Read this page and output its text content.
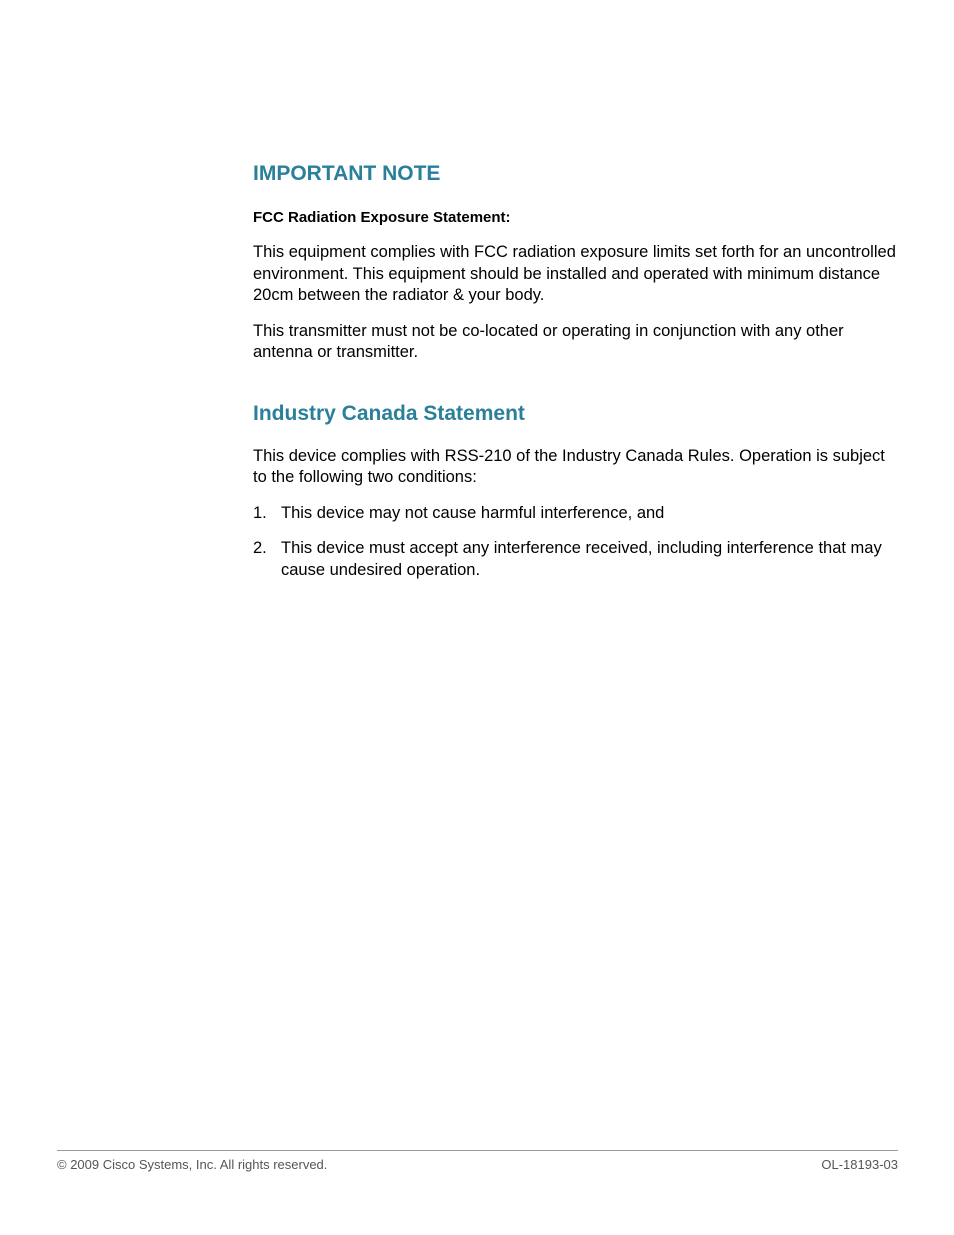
IMPORTANT NOTE

FCC Radiation Exposure Statement:

This equipment complies with FCC radiation exposure limits set forth for an uncontrolled environment. This equipment should be installed and operated with minimum distance 20cm between the radiator & your body.

This transmitter must not be co-located or operating in conjunction with any other antenna or transmitter.

Industry Canada Statement

This device complies with RSS-210 of the Industry Canada Rules. Operation is subject to the following two conditions:

1. This device may not cause harmful interference, and
2. This device must accept any interference received, including interference that may cause undesired operation.
© 2009 Cisco Systems, Inc. All rights reserved.	OL-18193-03
